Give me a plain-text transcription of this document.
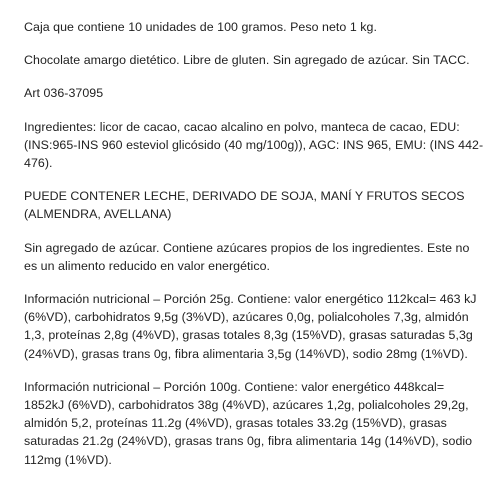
Caja que contiene 10 unidades de 100 gramos. Peso neto 1 kg.

Chocolate amargo dietético. Libre de gluten. Sin agregado de azúcar. Sin TACC.

Art 036-37095

Ingredientes: licor de cacao, cacao alcalino en polvo, manteca de cacao, EDU: (INS:965-INS 960 esteviol glicósido (40 mg/100g)), AGC: INS 965, EMU: (INS 442-476).

PUEDE CONTENER LECHE, DERIVADO DE SOJA, MANÍ Y FRUTOS SECOS (ALMENDRA, AVELLANA)

Sin agregado de azúcar. Contiene azúcares propios de los ingredientes. Este no es un alimento reducido en valor energético.

Información nutricional – Porción 25g. Contiene: valor energético 112kcal= 463 kJ (6%VD), carbohidratos 9,5g (3%VD), azúcares 0,0g, polialcoholes 7,3g, almidón 1,3, proteínas 2,8g (4%VD), grasas totales 8,3g (15%VD), grasas saturadas 5,3g (24%VD), grasas trans 0g, fibra alimentaria 3,5g (14%VD), sodio 28mg (1%VD).

Información nutricional – Porción 100g. Contiene: valor energético 448kcal= 1852kJ (6%VD), carbohidratos 38g (4%VD), azúcares 1,2g, polialcoholes 29,2g, almidón 5,2, proteínas 11.2g (4%VD), grasas totales 33.2g (15%VD), grasas saturadas 21.2g (24%VD), grasas trans 0g, fibra alimentaria 14g (14%VD), sodio 112mg (1%VD).
